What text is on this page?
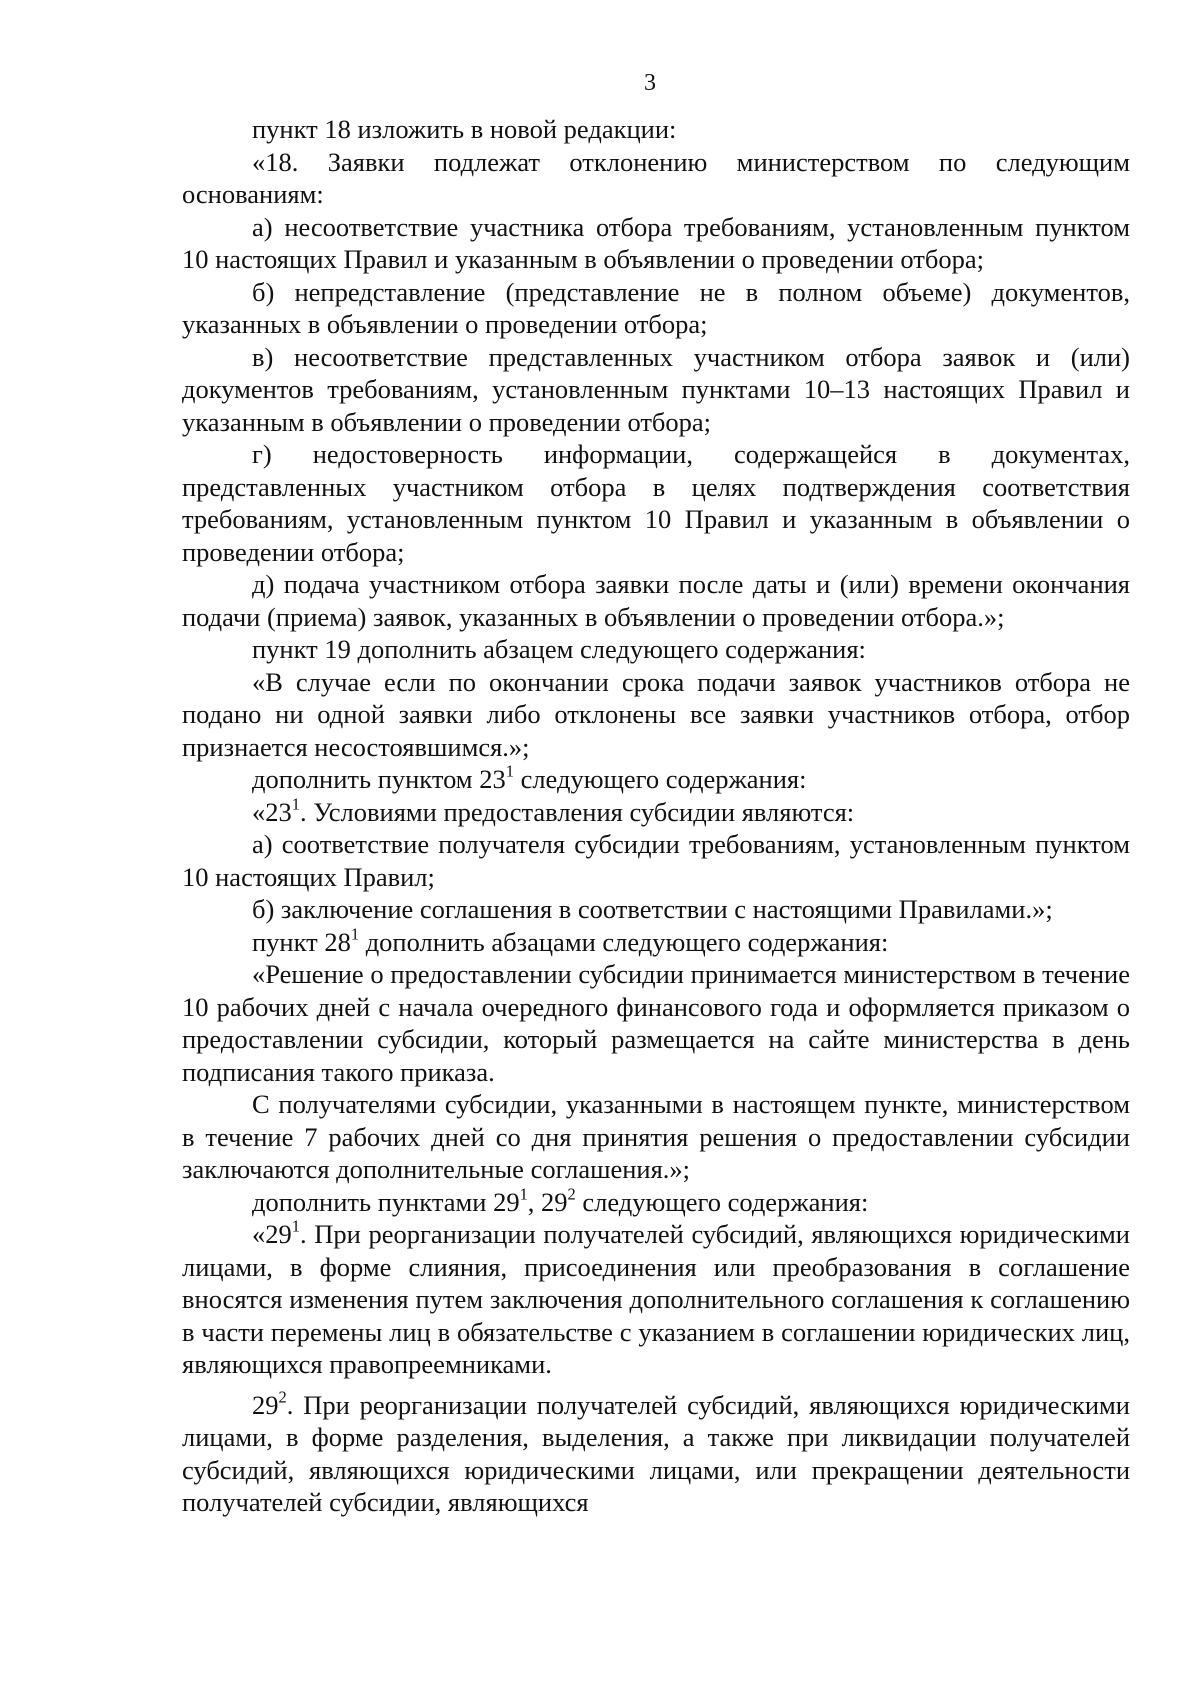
3

пункт 18 изложить в новой редакции:

«18. Заявки подлежат отклонению министерством по следующим основаниям:

а) несоответствие участника отбора требованиям, установленным пунктом 10 настоящих Правил и указанным в объявлении о проведении отбора;

б) непредставление (представление не в полном объеме) документов, указанных в объявлении о проведении отбора;

в) несоответствие представленных участником отбора заявок и (или) документов требованиям, установленным пунктами 10–13 настоящих Правил и указанным в объявлении о проведении отбора;

г) недостоверность информации, содержащейся в документах, представленных участником отбора в целях подтверждения соответствия требованиям, установленным пунктом 10 Правил и указанным в объявлении о проведении отбора;

д) подача участником отбора заявки после даты и (или) времени окончания подачи (приема) заявок, указанных в объявлении о проведении отбора.»;

пункт 19 дополнить абзацем следующего содержания:

«В случае если по окончании срока подачи заявок участников отбора не подано ни одной заявки либо отклонены все заявки участников отбора, отбор признается несостоявшимся.»;

дополнить пунктом $23^1$ следующего содержания:

«$23^1$. Условиями предоставления субсидии являются:

а) соответствие получателя субсидии требованиям, установленным пунктом 10 настоящих Правил;

б) заключение соглашения в соответствии с настоящими Правилами.»;

пункт $28^1$ дополнить абзацами следующего содержания:

«Решение о предоставлении субсидии принимается министерством в течение 10 рабочих дней с начала очередного финансового года и оформляется приказом о предоставлении субсидии, который размещается на сайте министерства в день подписания такого приказа.

С получателями субсидии, указанными в настоящем пункте, министерством в течение 7 рабочих дней со дня принятия решения о предоставлении субсидии заключаются дополнительные соглашения.»;

дополнить пунктами $29^1$, $29^2$ следующего содержания:

«$29^1$. При реорганизации получателей субсидий, являющихся юридическими лицами, в форме слияния, присоединения или преобразования в соглашение вносятся изменения путем заключения дополнительного соглашения к соглашению в части перемены лиц в обязательстве с указанием в соглашении юридических лиц, являющихся правопреемниками.

$29^2$. При реорганизации получателей субсидий, являющихся юридическими лицами, в форме разделения, выделения, а также при ликвидации получателей субсидий, являющихся юридическими лицами, или прекращении деятельности получателей субсидии, являющихся
